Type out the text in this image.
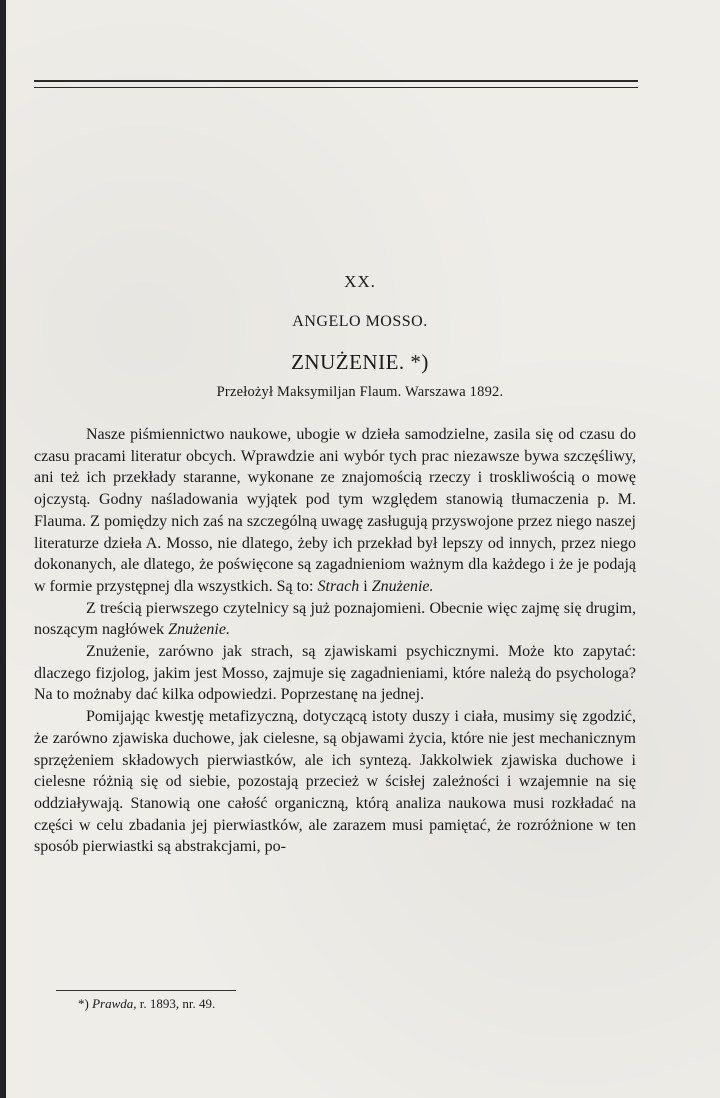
XX.
ANGELO MOSSO.
ZNUŻENIE. *)
Przełożył Maksymiljan Flaum. Warszawa 1892.

Nasze piśmiennictwo naukowe, ubogie w dzieła samodzielne, zasila się od czasu do czasu pracami literatur obcych. Wprawdzie ani wybór tych prac niezawsze bywa szczęśliwy, ani też ich przekłady staranne, wykonane ze znajomością rzeczy i troskliwością o mowę ojczystą. Godny naśladowania wyjątek pod tym względem stanowią tłumaczenia p. M. Flauma. Z pomiędzy nich zaś na szczególną uwagę zasługują przyswojone przez niego naszej literaturze dzieła A. Mosso, nie dlatego, żeby ich przekład był lepszy od innych, przez niego dokonanych, ale dlatego, że poświęcone są zagadnieniom ważnym dla każdego i że je podają w formie przystępnej dla wszystkich. Są to: Strach i Znużenie.

Z treścią pierwszego czytelnicy są już poznajomieni. Obecnie więc zajmę się drugim, noszącym nagłówek Znużenie.

Znużenie, zarówno jak strach, są zjawiskami psychicznymi. Może kto zapytać: dlaczego fizjolog, jakim jest Mosso, zajmuje się zagadnieniami, które należą do psychologa? Na to możnaby dać kilka odpowiedzi. Poprzestanę na jednej.

Pomijając kwestję metafizyczną, dotyczącą istoty duszy i ciała, musimy się zgodzić, że zarówno zjawiska duchowe, jak cielesne, są objawami życia, które nie jest mechanicznym sprzężeniem składowych pierwiastków, ale ich syntezą. Jakkolwiek zjawiska duchowe i cielesne różnią się od siebie, pozostają przecież w ścisłej zależności i wzajemnie na się oddziaływają. Stanowią one całość organiczną, którą analiza naukowa musi rozkładać na części w celu zbadania jej pierwiastków, ale zarazem musi pamiętać, że rozróżnione w ten sposób pierwiastki są abstrakcjami, po-

*) Prawda, r. 1893, nr. 49.
